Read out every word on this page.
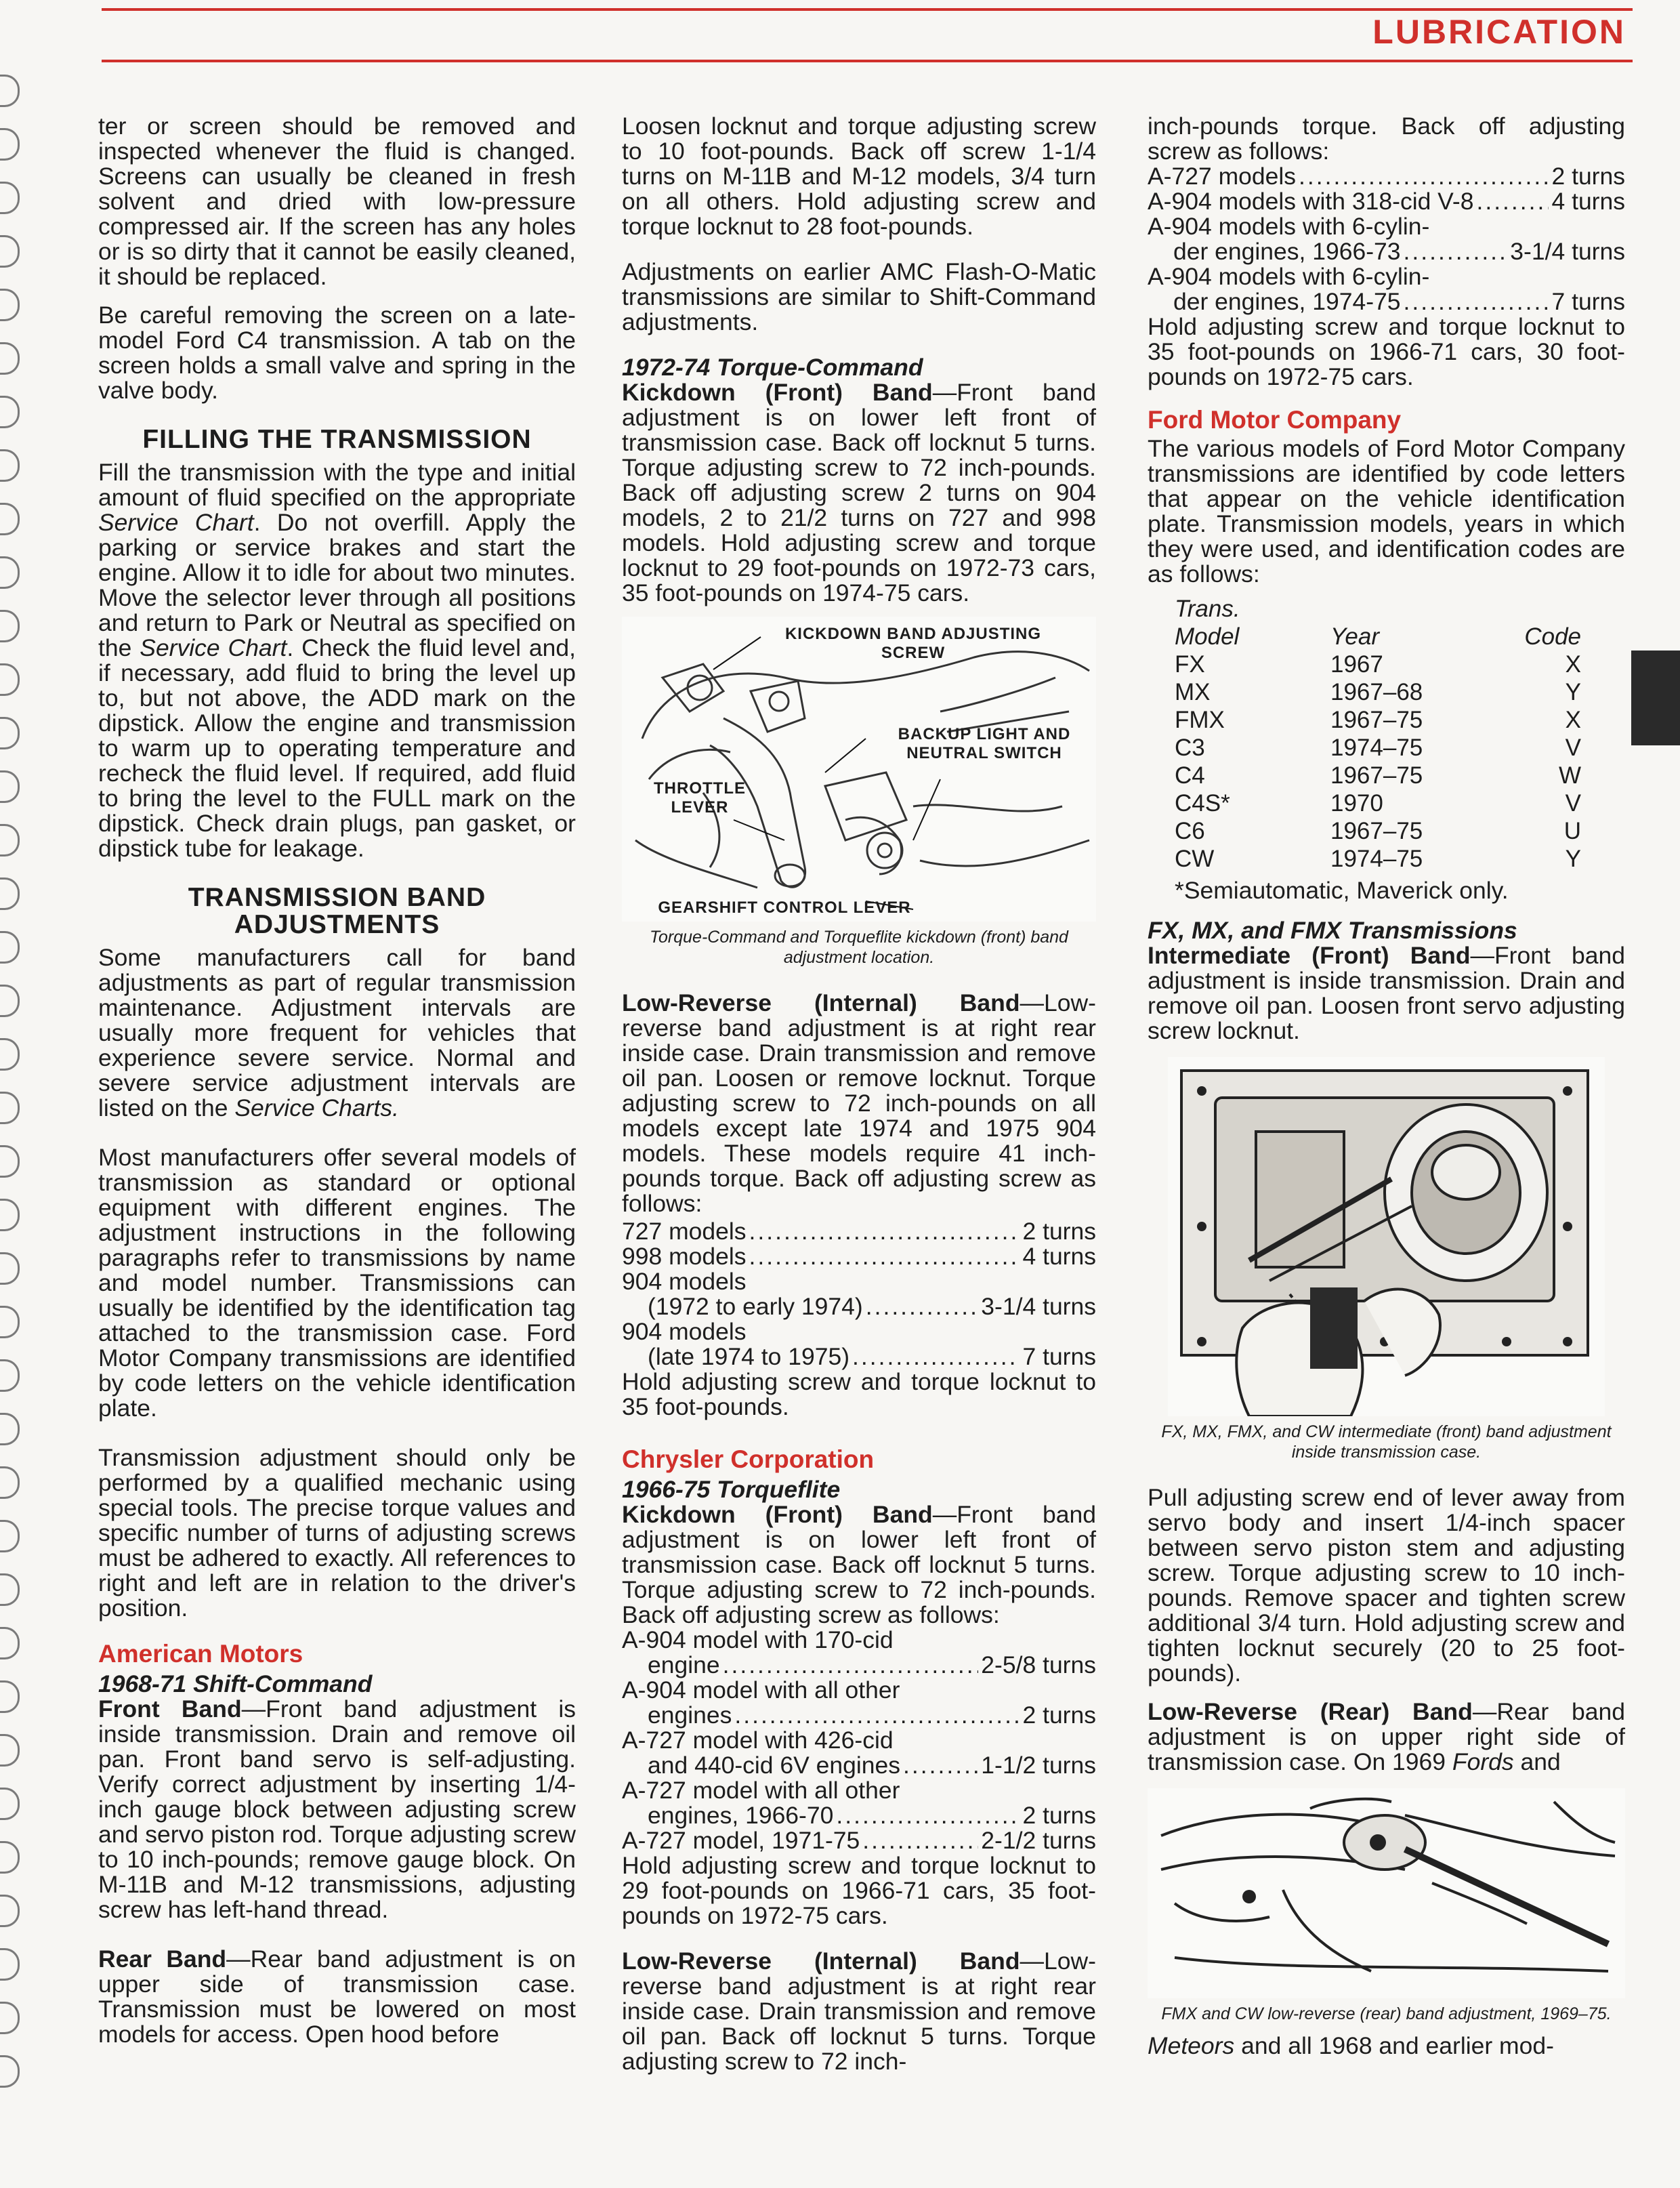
LUBRICATION

ter or screen should be removed and inspected whenever the fluid is changed. Screens can usually be cleaned in fresh solvent and dried with low-pressure compressed air. If the screen has any holes or is so dirty that it cannot be easily cleaned, it should be replaced.

Be careful removing the screen on a late-model Ford C4 transmission. A tab on the screen holds a small valve and spring in the valve body.

FILLING THE TRANSMISSION

Fill the transmission with the type and initial amount of fluid specified on the appropriate Service Chart. Do not overfill. Apply the parking or service brakes and start the engine. Allow it to idle for about two minutes. Move the selector lever through all positions and return to Park or Neutral as specified on the Service Chart. Check the fluid level and, if necessary, add fluid to bring the level up to, but not above, the ADD mark on the dipstick. Allow the engine and transmission to warm up to operating temperature and recheck the fluid level. If required, add fluid to bring the level to the FULL mark on the dipstick. Check drain plugs, pan gasket, or dipstick tube for leakage.

TRANSMISSION BAND ADJUSTMENTS

Some manufacturers call for band adjustments as part of regular transmission maintenance. Adjustment intervals are usually more frequent for vehicles that experience severe service. Normal and severe service adjustment intervals are listed on the Service Charts.

Most manufacturers offer several models of transmission as standard or optional equipment with different engines. The adjustment instructions in the following paragraphs refer to transmissions by name and model number. Transmissions can usually be identified by the identification tag attached to the transmission case. Ford Motor Company transmissions are identified by code letters on the vehicle identification plate.

Transmission adjustment should only be performed by a qualified mechanic using special tools. The precise torque values and specific number of turns of adjusting screws must be adhered to exactly. All references to right and left are in relation to the driver's position.

American Motors
1968-71 Shift-Command

Front Band—Front band adjustment is inside transmission. Drain and remove oil pan. Front band servo is self-adjusting. Verify correct adjustment by inserting 1/4-inch gauge block between adjusting screw and servo piston rod. Torque adjusting screw to 10 inch-pounds; remove gauge block. On M-11B and M-12 transmissions, adjusting screw has left-hand thread.

Rear Band—Rear band adjustment is on upper side of transmission case. Transmission must be lowered on most models for access. Open hood before

Loosen locknut and torque adjusting screw to 10 foot-pounds. Back off screw 1-1/4 turns on M-11B and M-12 models, 3/4 turn on all others. Hold adjusting screw and torque locknut to 28 foot-pounds.

Adjustments on earlier AMC Flash-O-Matic transmissions are similar to Shift-Command adjustments.

1972-74 Torque-Command

Kickdown (Front) Band—Front band adjustment is on lower left front of transmission case. Back off locknut 5 turns. Torque adjusting screw to 72 inch-pounds. Back off adjusting screw 2 turns on 904 models, 2 to 21/2 turns on 727 and 998 models. Hold adjusting screw and torque locknut to 29 foot-pounds on 1972-73 cars, 35 foot-pounds on 1974-75 cars.

KICKDOWN BAND ADJUSTING
SCREW
BACKUP LIGHT AND
NEUTRAL SWITCH
THROTTLE
LEVER
GEARSHIFT CONTROL LEVER
Torque-Command and Torqueflite kickdown (front) band adjustment location.

Low-Reverse (Internal) Band—Low-reverse band adjustment is at right rear inside case. Drain transmission and remove oil pan. Loosen or remove locknut. Torque adjusting screw to 72 inch-pounds on all models except late 1974 and 1975 904 models. These models require 41 inch-pounds torque. Back off adjusting screw as follows:

727 models .....	2 turns
998 models .....	4 turns
904 models
(1972 to early 1974) .....	3-1/4 turns
904 models
(late 1974 to 1975) .....	7 turns

Hold adjusting screw and torque locknut to 35 foot-pounds.

Chrysler Corporation
1966-75 Torqueflite

Kickdown (Front) Band—Front band adjustment is on lower left front of transmission case. Back off locknut 5 turns. Torque adjusting screw to 72 inch-pounds. Back off adjusting screw as follows:

A-904 model with 170-cid
engine .....	2-5/8 turns
A-904 model with all other
engines .....	2 turns
A-727 model with 426-cid
and 440-cid 6V engines .....	1-1/2 turns
A-727 model with all other
engines, 1966-70 .....	2 turns
A-727 model, 1971-75 .....	2-1/2 turns

Hold adjusting screw and torque locknut to 29 foot-pounds on 1966-71 cars, 35 foot-pounds on 1972-75 cars.

Low-Reverse (Internal) Band—Low-reverse band adjustment is at right rear inside case. Drain transmission and remove oil pan. Back off locknut 5 turns. Torque adjusting screw to 72 inch-

inch-pounds torque. Back off adjusting screw as follows:

A-727 models .....	2 turns
A-904 models with 318-cid V-8 .....	4 turns
A-904 models with 6-cylin-
der engines, 1966-73 .....	3-1/4 turns
A-904 models with 6-cylin-
der engines, 1974-75 .....	7 turns

Hold adjusting screw and torque locknut to 35 foot-pounds on 1966-71 cars, 30 foot-pounds on 1972-75 cars.

Ford Motor Company

The various models of Ford Motor Company transmissions are identified by code letters that appear on the vehicle identification plate. Transmission models, years in which they were used, and identification codes are as follows:

Trans.
Model	Year	Code
FX	1967	X
MX	1967–68	Y
FMX	1967–75	X
C3	1974–75	V
C4	1967–75	W
C4S*	1970	V
C6	1967–75	U
CW	1974–75	Y

*Semiautomatic, Maverick only.

FX, MX, and FMX Transmissions

Intermediate (Front) Band—Front band adjustment is inside transmission. Drain and remove oil pan. Loosen front servo adjusting screw locknut.

FX, MX, FMX, and CW intermediate (front) band adjustment inside transmission case.

Pull adjusting screw end of lever away from servo body and insert 1/4-inch spacer between servo piston stem and adjusting screw. Torque adjusting screw to 10 inch-pounds. Remove spacer and tighten screw additional 3/4 turn. Hold adjusting screw and tighten locknut securely (20 to 25 foot-pounds).

Low-Reverse (Rear) Band—Rear band adjustment is on upper right side of transmission case. On 1969 Fords and

FMX and CW low-reverse (rear) band adjustment, 1969–75.

Meteors and all 1968 and earlier mod-
